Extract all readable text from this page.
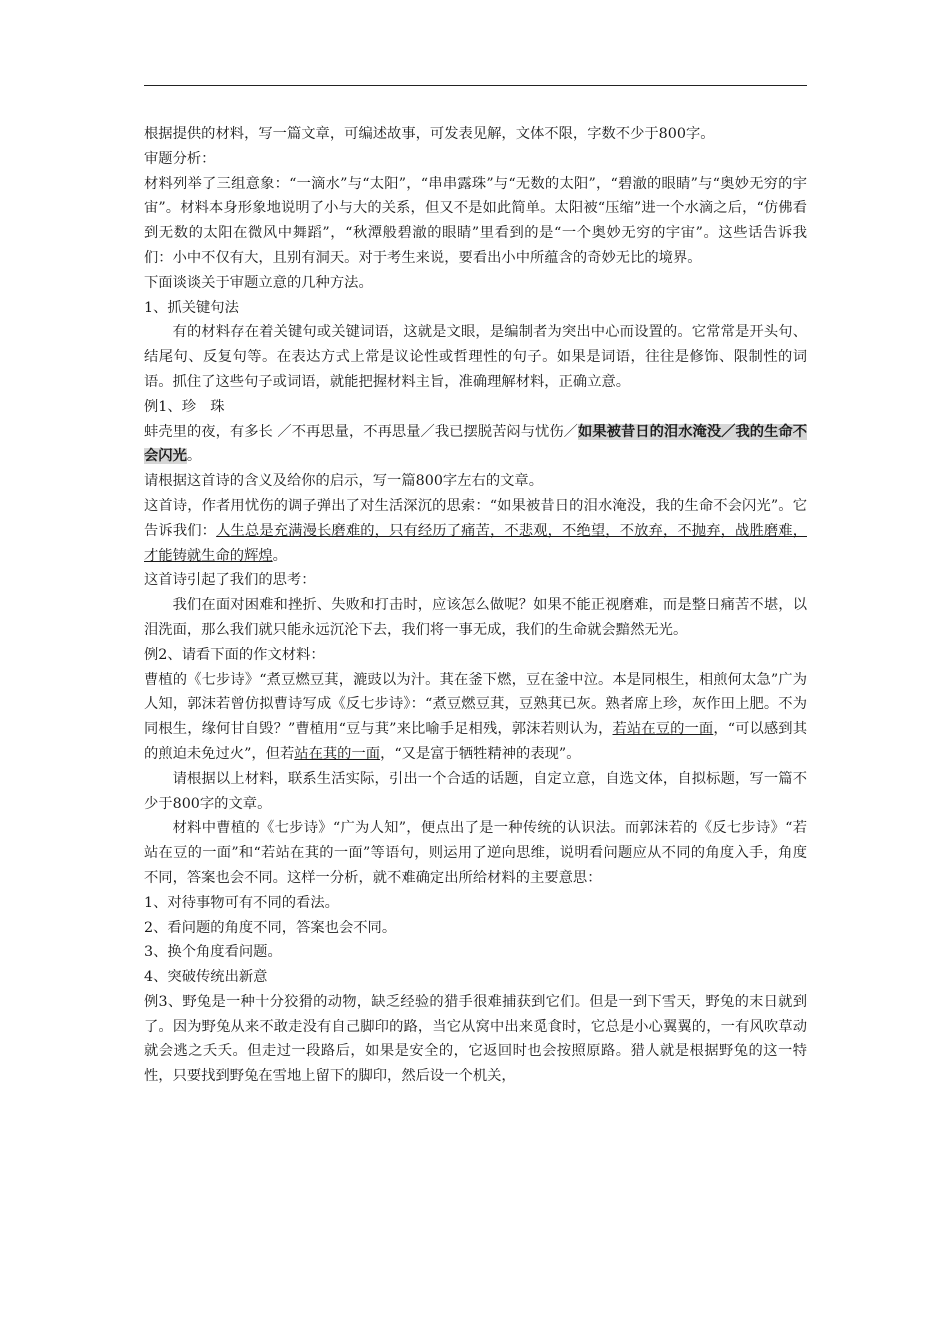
根据提供的材料，写一篇文章，可编述故事，可发表见解，文体不限，字数不少于800字。

审题分析：

材料列举了三组意象：“一滴水”与“太阳”，“串串露珠”与“无数的太阳”，“碧澈的眼睛”与“奥妙无穷的宇宙”。材料本身形象地说明了小与大的关系，但又不是如此简单。太阳被“压缩”进一个水滴之后，“仿佛看到无数的太阳在微风中舞蹈”，“秋潭般碧澈的眼睛”里看到的是“一个奥妙无穷的宇宙”。这些话告诉我们：小中不仅有大，且别有洞天。对于考生来说，要看出小中所蕴含的奇妙无比的境界。

下面谈谈关于审题立意的几种方法。

1、抓关键句法

有的材料存在着关键句或关键词语，这就是文眼，是编制者为突出中心而设置的。它常常是开头句、结尾句、反复句等。在表达方式上常是议论性或哲理性的句子。如果是词语，往往是修饰、限制性的词语。抓住了这些句子或词语，就能把握材料主旨，准确理解材料，正确立意。

例1、珍　珠

蚌壳里的夜，有多长 ／不再思量，不再思量／我已摆脱苦闷与忧伤／如果被昔日的泪水淹没／我的生命不会闪光。

请根据这首诗的含义及给你的启示，写一篇800字左右的文章。

这首诗，作者用忧伤的调子弹出了对生活深沉的思索：“如果被昔日的泪水淹没，我的生命不会闪光”。它告诉我们：人生总是充满漫长磨难的，只有经历了痛苦，不悲观，不绝望，不放弃，不抛弃，战胜磨难，才能铸就生命的辉煌。

这首诗引起了我们的思考：

我们在面对困难和挫折、失败和打击时，应该怎么做呢？如果不能正视磨难，而是整日痛苦不堪，以泪洗面，那么我们就只能永远沉沦下去，我们将一事无成，我们的生命就会黯然无光。

例2、请看下面的作文材料：

曹植的《七步诗》“煮豆燃豆萁，漉豉以为汁。萁在釜下燃，豆在釜中泣。本是同根生，相煎何太急”广为人知，郭沫若曾仿拟曹诗写成《反七步诗》：“煮豆燃豆萁，豆熟萁已灰。熟者席上珍，灰作田上肥。不为同根生，缘何甘自毁？”曹植用“豆与萁”来比喻手足相残，郭沫若则认为，若站在豆的一面，“可以感到其的煎迫未免过火”，但若站在萁的一面，“又是富于牺牲精神的表现”。

请根据以上材料，联系生活实际，引出一个合适的话题，自定立意，自选文体，自拟标题，写一篇不少于800字的文章。

材料中曹植的《七步诗》“广为人知”，便点出了是一种传统的认识法。而郭沫若的《反七步诗》“若站在豆的一面”和“若站在萁的一面”等语句，则运用了逆向思维，说明看问题应从不同的角度入手，角度不同，答案也会不同。这样一分析，就不难确定出所给材料的主要意思：

1、对待事物可有不同的看法。

2、看问题的角度不同，答案也会不同。

3、换个角度看问题。

4、突破传统出新意

例3、野兔是一种十分狡猾的动物，缺乏经验的猎手很难捕获到它们。但是一到下雪天，野兔的末日就到了。因为野兔从来不敢走没有自己脚印的路，当它从窝中出来觅食时，它总是小心翼翼的，一有风吹草动就会逃之夭夭。但走过一段路后，如果是安全的，它返回时也会按照原路。猎人就是根据野兔的这一特性，只要找到野兔在雪地上留下的脚印，然后设一个机关，
